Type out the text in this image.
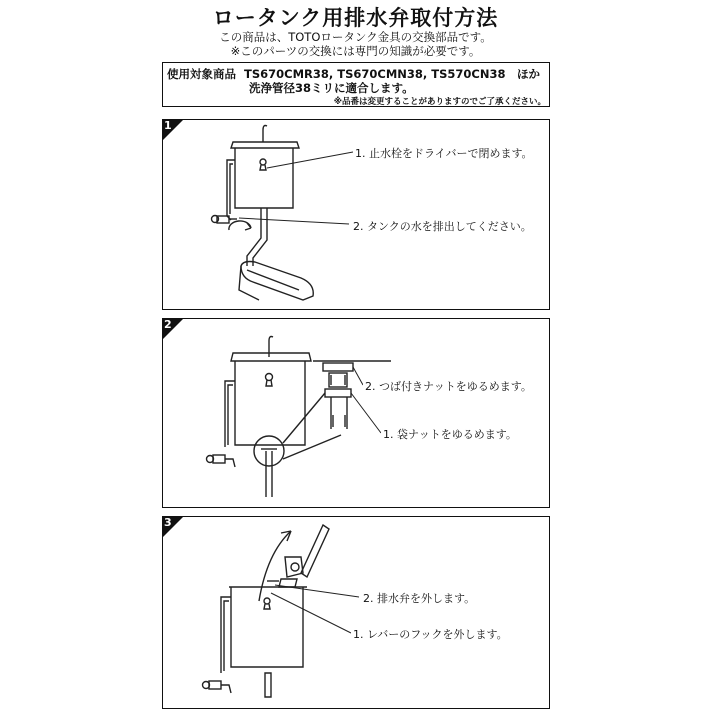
ロータンク用排水弁取付方法
この商品は、TOTOロータンク金具の交換部品です。
※このパーツの交換には専門の知識が必要です。
使用対象商品 TS670CMR38, TS670CMN38, TS570CN38　ほか
洗浄管径38ミリに適合します。
※品番は変更することがありますのでご了承ください。
1. 止水栓をドライバーで閉めます。
2. タンクの水を排出してください。
1
2. つば付きナットをゆるめます。
1. 袋ナットをゆるめます。
2
2. 排水弁を外します。
1. レバーのフックを外します。
3
